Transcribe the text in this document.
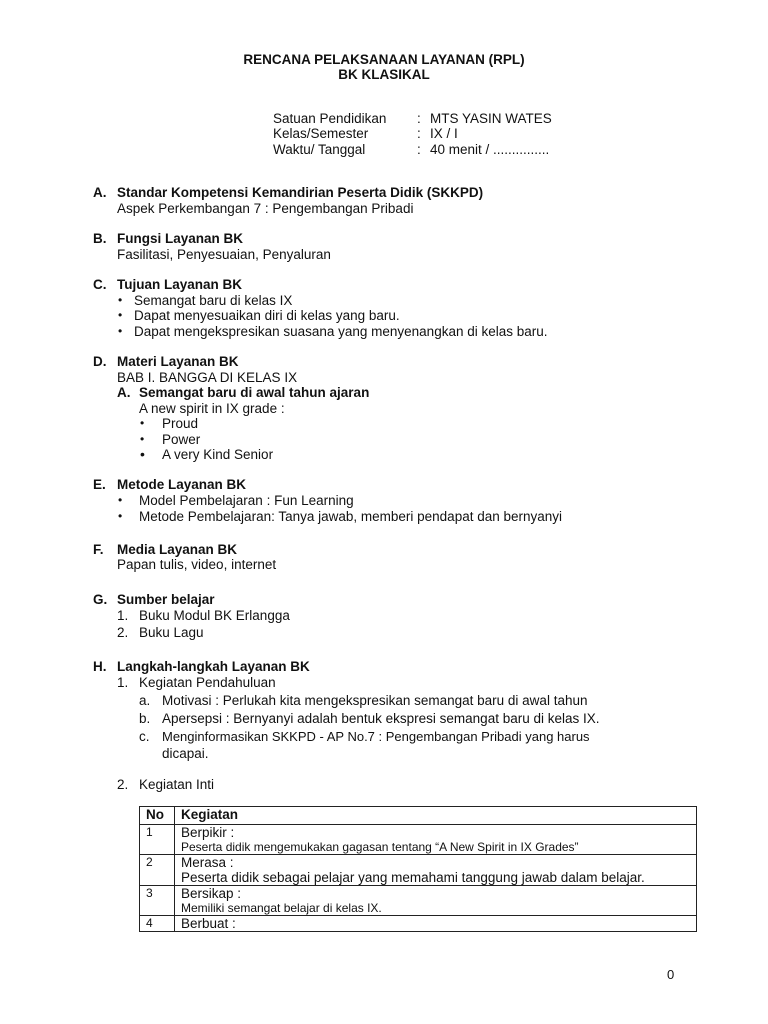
RENCANA PELAKSANAAN LAYANAN (RPL)
BK KLASIKAL
Satuan Pendidikan : MTS YASIN WATES
Kelas/Semester	: IX / I
Waktu/ Tanggal	: 40 menit / ...............
A. Standar Kompetensi Kemandirian Peserta Didik (SKKPD)
Aspek Perkembangan 7 : Pengembangan Pribadi
B. Fungsi Layanan BK
Fasilitasi, Penyesuaian, Penyaluran
C. Tujuan Layanan BK
• Semangat baru di kelas IX
• Dapat menyesuaikan diri di kelas yang baru.
• Dapat mengekspresikan suasana yang menyenangkan di kelas baru.
D. Materi Layanan BK
BAB I. BANGGA DI KELAS IX
A. Semangat baru di awal tahun ajaran
A new spirit in IX grade :
• Proud
• Power
• A very Kind Senior
E. Metode Layanan BK
• Model Pembelajaran : Fun Learning
• Metode Pembelajaran: Tanya jawab, memberi pendapat dan bernyanyi
F. Media Layanan BK
Papan tulis, video, internet
G. Sumber belajar
1. Buku Modul BK Erlangga
2. Buku Lagu
H. Langkah-langkah Layanan BK
1. Kegiatan Pendahuluan
a. Motivasi : Perlukah kita mengekspresikan semangat baru di awal tahun
b. Apersepsi : Bernyanyi adalah bentuk ekspresi semangat baru di kelas IX.
c. Menginformasikan SKKPD - AP No.7 : Pengembangan Pribadi yang harus
dicapai.
2. Kegiatan Inti
No	Kegiatan
1	Berpikir :
Peserta didik mengemukakan gagasan tentang “A New Spirit in IX Grades”

2	Merasa :
Peserta didik sebagai pelajar yang memahami tanggung jawab dalam belajar.

3	Bersikap :
Memiliki semangat belajar di kelas IX.

4	Berbuat :
0
